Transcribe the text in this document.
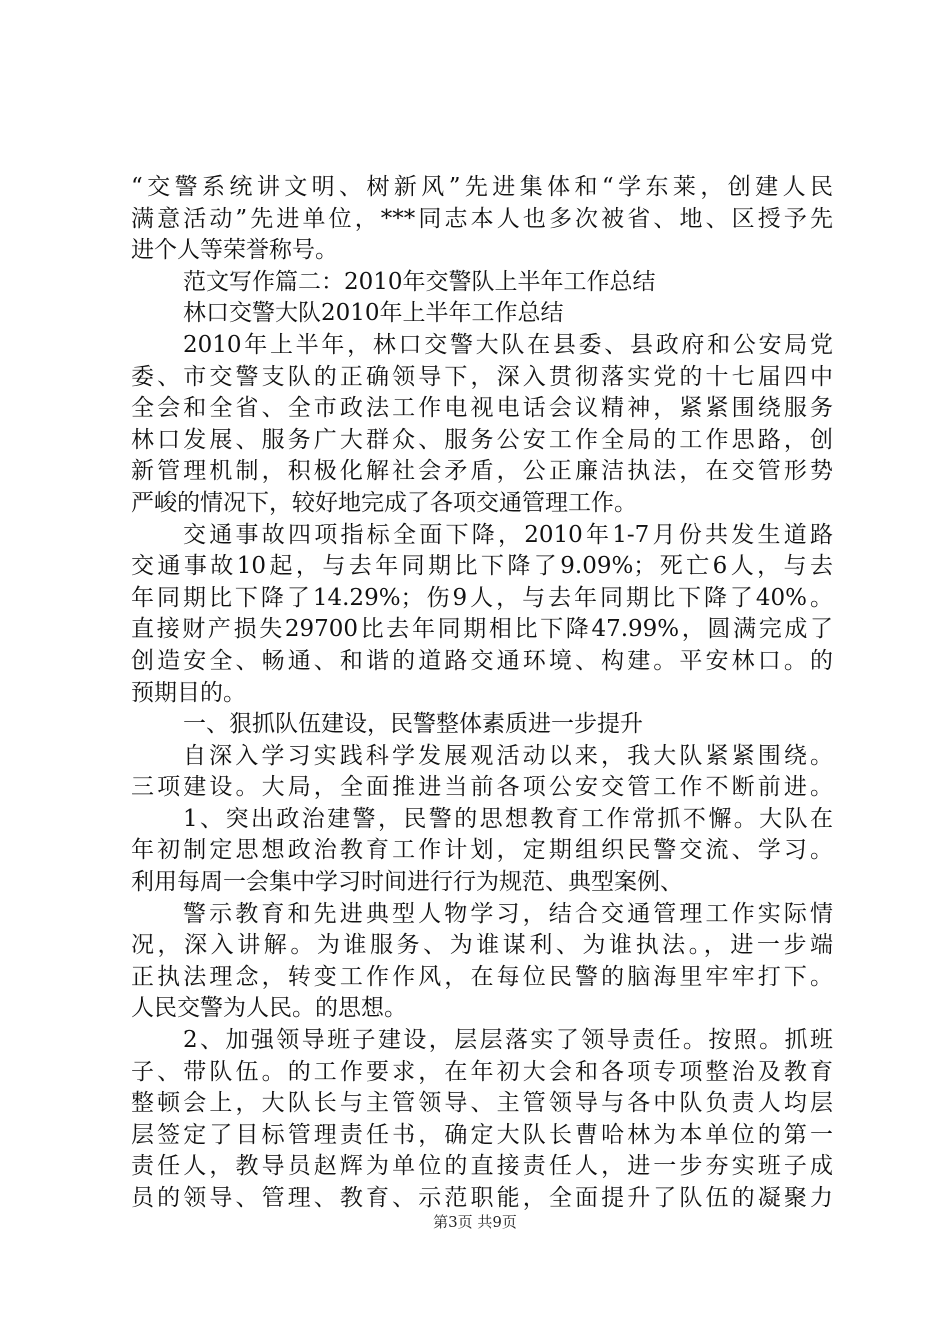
“交警系统讲文明、树新风”先进集体和“学东莱，创建人民
满意活动”先进单位，***同志本人也多次被省、地、区授予先
进个人等荣誉称号。
范文写作篇二：2010年交警队上半年工作总结
林口交警大队2010年上半年工作总结
2010年上半年，林口交警大队在县委、县政府和公安局党
委、市交警支队的正确领导下，深入贯彻落实党的十七届四中
全会和全省、全市政法工作电视电话会议精神，紧紧围绕服务
林口发展、服务广大群众、服务公安工作全局的工作思路，创
新管理机制，积极化解社会矛盾，公正廉洁执法，在交管形势
严峻的情况下，较好地完成了各项交通管理工作。
交通事故四项指标全面下降，2010年1-7月份共发生道路
交通事故10起，与去年同期比下降了9.09%；死亡6人，与去
年同期比下降了14.29%；伤9人，与去年同期比下降了40%。
直接财产损失29700比去年同期相比下降47.99%，圆满完成了
创造安全、畅通、和谐的道路交通环境、构建。平安林口。的
预期目的。
一、狠抓队伍建设，民警整体素质进一步提升
自深入学习实践科学发展观活动以来，我大队紧紧围绕。
三项建设。大局，全面推进当前各项公安交管工作不断前进。
1、突出政治建警，民警的思想教育工作常抓不懈。大队在
年初制定思想政治教育工作计划，定期组织民警交流、学习。
利用每周一会集中学习时间进行行为规范、典型案例、
警示教育和先进典型人物学习，结合交通管理工作实际情
况，深入讲解。为谁服务、为谁谋利、为谁执法。，进一步端
正执法理念，转变工作作风，在每位民警的脑海里牢牢打下。
人民交警为人民。的思想。
2、加强领导班子建设，层层落实了领导责任。按照。抓班
子、带队伍。的工作要求，在年初大会和各项专项整治及教育
整顿会上，大队长与主管领导、主管领导与各中队负责人均层
层签定了目标管理责任书，确定大队长曹哈林为本单位的第一
责任人，教导员赵辉为单位的直接责任人，进一步夯实班子成
员的领导、管理、教育、示范职能，全面提升了队伍的凝聚力
第3页 共9页
